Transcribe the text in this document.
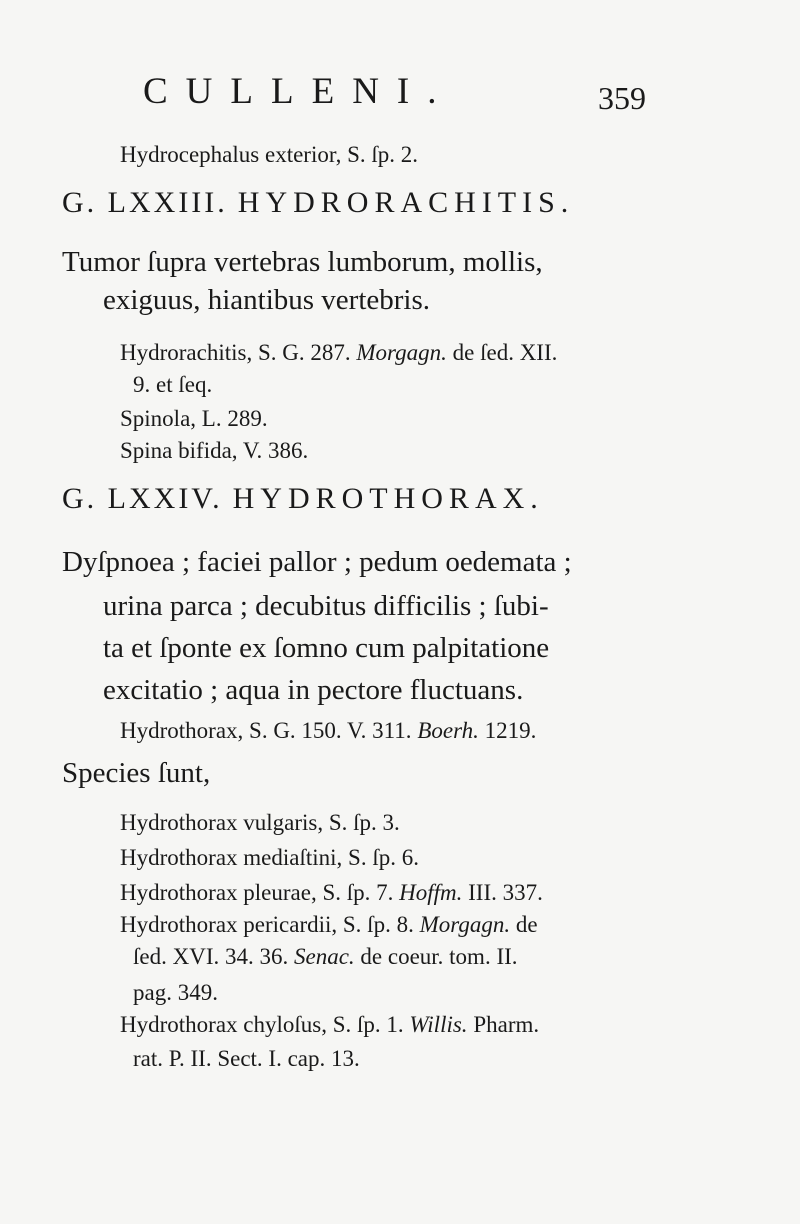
CULLENI.	359
Hydrocephalus exterior, S. ſp. 2.
G. LXXIII. HYDRORACHITIS.
Tumor ſupra vertebras lumborum, mollis,
exiguus, hiantibus vertebris.
Hydrorachitis, S. G. 287. Morgagn. de ſed. XII.
9. et ſeq.
Spinola, L. 289.
Spina bifida, V. 386.
G. LXXIV. HYDROTHORAX.
Dyſpnoea ; faciei pallor ; pedum oedemata ;
urina parca ; decubitus difficilis ; ſubi-
ta et ſponte ex ſomno cum palpitatione
excitatio ; aqua in pectore fluctuans.
Hydrothorax, S. G. 150. V. 311. Boerh. 1219.
Species ſunt,
Hydrothorax vulgaris, S. ſp. 3.
Hydrothorax mediaſtini, S. ſp. 6.
Hydrothorax pleurae, S. ſp. 7. Hoffm. III. 337.
Hydrothorax pericardii, S. ſp. 8. Morgagn. de
ſed. XVI. 34. 36. Senac. de coeur. tom. II.
pag. 349.
Hydrothorax chyloſus, S. ſp. 1. Willis. Pharm.
rat. P. II. Sect. I. cap. 13.
